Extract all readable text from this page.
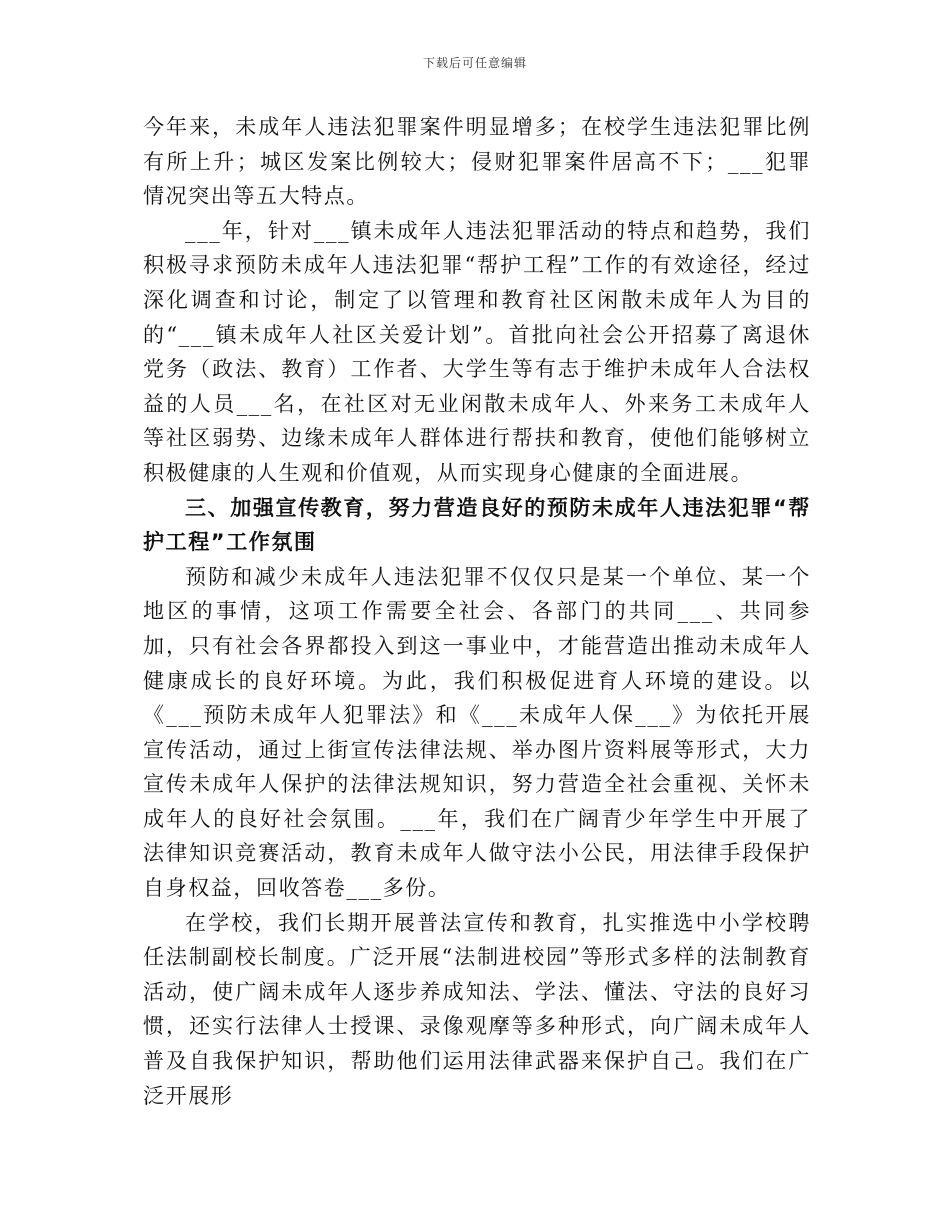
下载后可任意编辑

今年来，未成年人违法犯罪案件明显增多；在校学生违法犯罪比例有所上升；城区发案比例较大；侵财犯罪案件居高不下；___犯罪情况突出等五大特点。

___年，针对___镇未成年人违法犯罪活动的特点和趋势，我们积极寻求预防未成年人违法犯罪“帮护工程”工作的有效途径，经过深化调查和讨论，制定了以管理和教育社区闲散未成年人为目的的“___镇未成年人社区关爱计划”。首批向社会公开招募了离退休党务（政法、教育）工作者、大学生等有志于维护未成年人合法权益的人员___名，在社区对无业闲散未成年人、外来务工未成年人等社区弱势、边缘未成年人群体进行帮扶和教育，使他们能够树立积极健康的人生观和价值观，从而实现身心健康的全面进展。

三、加强宣传教育，努力营造良好的预防未成年人违法犯罪“帮护工程”工作氛围

预防和减少未成年人违法犯罪不仅仅只是某一个单位、某一个地区的事情，这项工作需要全社会、各部门的共同___、共同参加，只有社会各界都投入到这一事业中，才能营造出推动未成年人健康成长的良好环境。为此，我们积极促进育人环境的建设。以《___预防未成年人犯罪法》和《___未成年人保___》为依托开展宣传活动，通过上街宣传法律法规、举办图片资料展等形式，大力宣传未成年人保护的法律法规知识，努力营造全社会重视、关怀未成年人的良好社会氛围。___年，我们在广阔青少年学生中开展了法律知识竞赛活动，教育未成年人做守法小公民，用法律手段保护自身权益，回收答卷___多份。

在学校，我们长期开展普法宣传和教育，扎实推选中小学校聘任法制副校长制度。广泛开展“法制进校园”等形式多样的法制教育活动，使广阔未成年人逐步养成知法、学法、懂法、守法的良好习惯，还实行法律人士授课、录像观摩等多种形式，向广阔未成年人普及自我保护知识，帮助他们运用法律武器来保护自己。我们在广泛开展形
